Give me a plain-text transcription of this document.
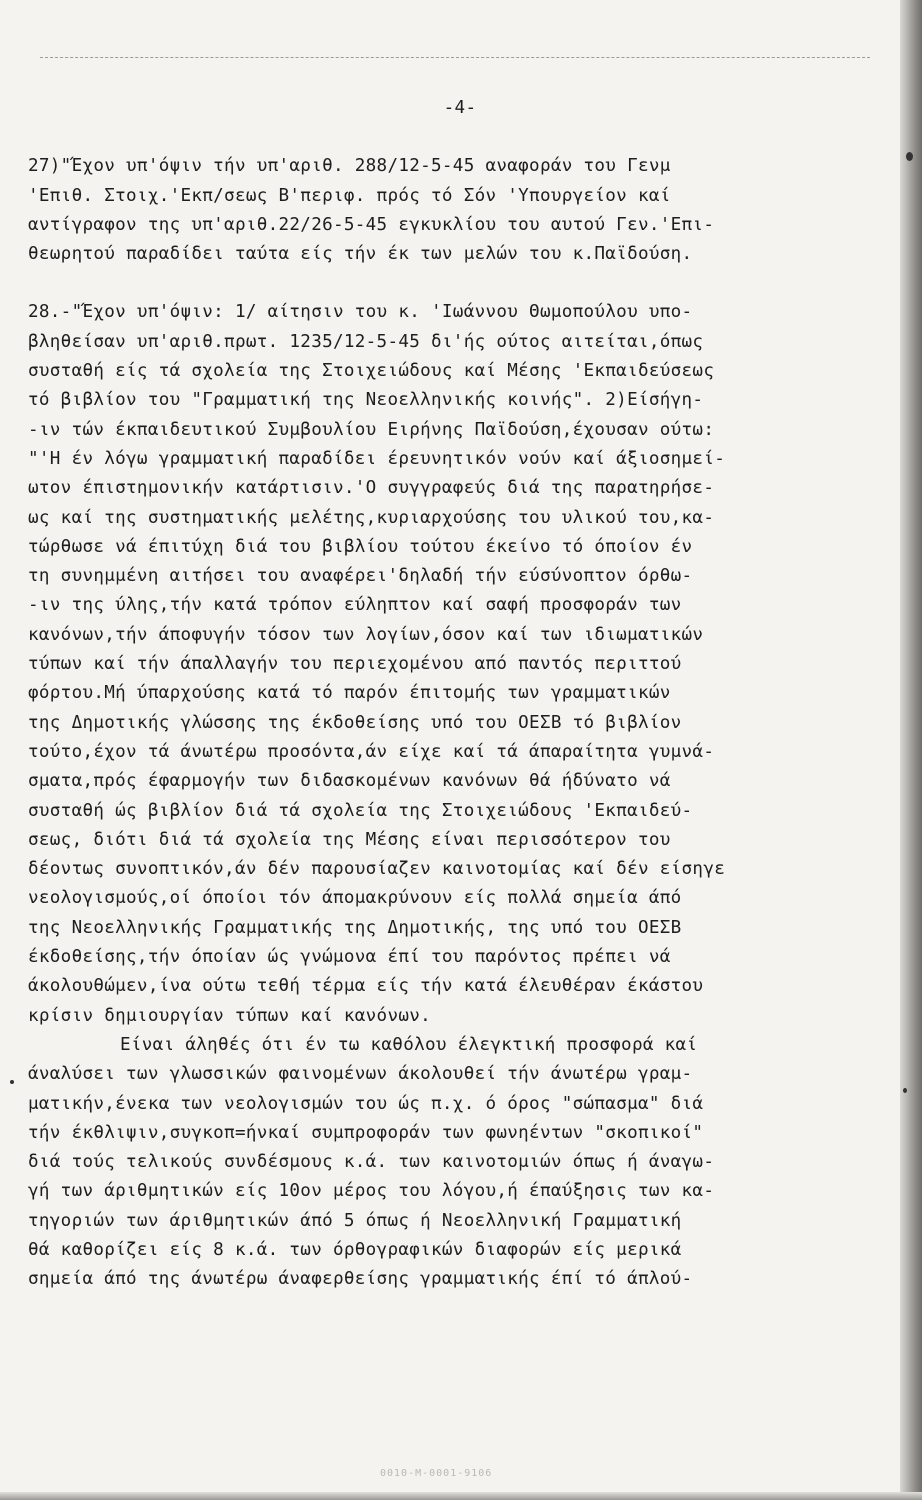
-4-
27)"Έχον υπ'όψιν τήν υπ'αριθ. 288/12-5-45 αναφοράν του Γενμ
'Επιθ. Στοιχ.'Εκπ/σεως Β'περιφ. πρός τό Σόν 'Υπουργείον καί
αντίγραφον της υπ'αριθ.22/26-5-45 εγκυκλίου του αυτού Γεν.'Επι-
θεωρητού παραδίδει ταύτα είς τήν έκ των μελών του κ.Παϊδούση.
28.-"Έχον υπ'όψιν: 1/ αίτησιν του κ. 'Ιωάννου Θωμοπούλου υπο-
βληθείσαν υπ'αριθ.πρωτ. 1235/12-5-45 δι'ής ούτος αιτείται,όπως
συσταθή είς τά σχολεία της Στοιχειώδους καί Μέσης 'Εκπαιδεύσεως
τό βιβλίον του "Γραμματική της Νεοελληνικής κοινής". 2)Είσήγη-
-ιν τών έκπαιδευτικού Συμβουλίου Ειρήνης Παϊδούση,έχουσαν ούτω:
"'Η έν λόγω γραμματική παραδίδει έρευνητικόν νούν καί άξιοσημεί-
ωτον έπιστημονικήν κατάρτισιν.'Ο συγγραφεύς διά της παρατηρήσε-
ως καί της συστηματικής μελέτης,κυριαρχούσης του υλικού του,κα-
τώρθωσε νά έπιτύχη διά του βιβλίου τούτου έκείνο τό όποίον έν
τη συνημμένη αιτήσει του αναφέρει'δηλαδή τήν εύσύνοπτον όρθω-
-ιν της ύλης,τήν κατά τρόπον εύληπτον καί σαφή προσφοράν των
κανόνων,τήν άποφυγήν τόσον των λογίων,όσον καί των ιδιωματικών
τύπων καί τήν άπαλλαγήν του περιεχομένου από παντός περιττού
φόρτου.Μή ύπαρχούσης κατά τό παρόν έπιτομής των γραμματικών
της Δημοτικής γλώσσης της έκδοθείσης υπό του ΟΕΣΒ τό βιβλίον
τούτο,έχον τά άνωτέρω προσόντα,άν είχε καί τά άπαραίτητα γυμνά-
σματα,πρός έφαρμογήν των διδασκομένων κανόνων θά ήδύνατο νά
συσταθή ώς βιβλίον διά τά σχολεία της Στοιχειώδους 'Εκπαιδεύ-
σεως, διότι διά τά σχολεία της Μέσης είναι περισσότερον του
δέοντως συνοπτικόν,άν δέν παρουσίαζεν καινοτομίας καί δέν είσηγε
νεολογισμούς,οί όποίοι τόν άπομακρύνουν είς πολλά σημεία άπό
της Νεοελληνικής Γραμματικής της Δημοτικής, της υπό του ΟΕΣΒ
έκδοθείσης,τήν όποίαν ώς γνώμονα έπί του παρόντος πρέπει νά
άκολουθώμεν,ίνα ούτω τεθή τέρμα είς τήν κατά έλευθέραν έκάστου
κρίσιν δημιουργίαν τύπων καί κανόνων.
Είναι άληθές ότι έν τω καθόλου έλεγκτική προσφορά καί
άναλύσει των γλωσσικών φαινομένων άκολουθεί τήν άνωτέρω γραμ-
ματικήν,ένεκα των νεολογισμών του ώς π.χ. ό όρος "σώπασμα" διά
τήν έκθλιψιν,συγκοπ=ήνκαί συμπροφοράν των φωνηέντων "σκοπικοί"
διά τούς τελικούς συνδέσμους κ.ά. των καινοτομιών όπως ή άναγω-
γή των άριθμητικών είς 10ον μέρος του λόγου,ή έπαύξησις των κα-
τηγοριών των άριθμητικών άπό 5 όπως ή Νεοελληνική Γραμματική
θά καθορίζει είς 8 κ.ά. των όρθογραφικών διαφορών είς μερικά
σημεία άπό της άνωτέρω άναφερθείσης γραμματικής έπί τό άπλού-
0010-M-0001-9106
